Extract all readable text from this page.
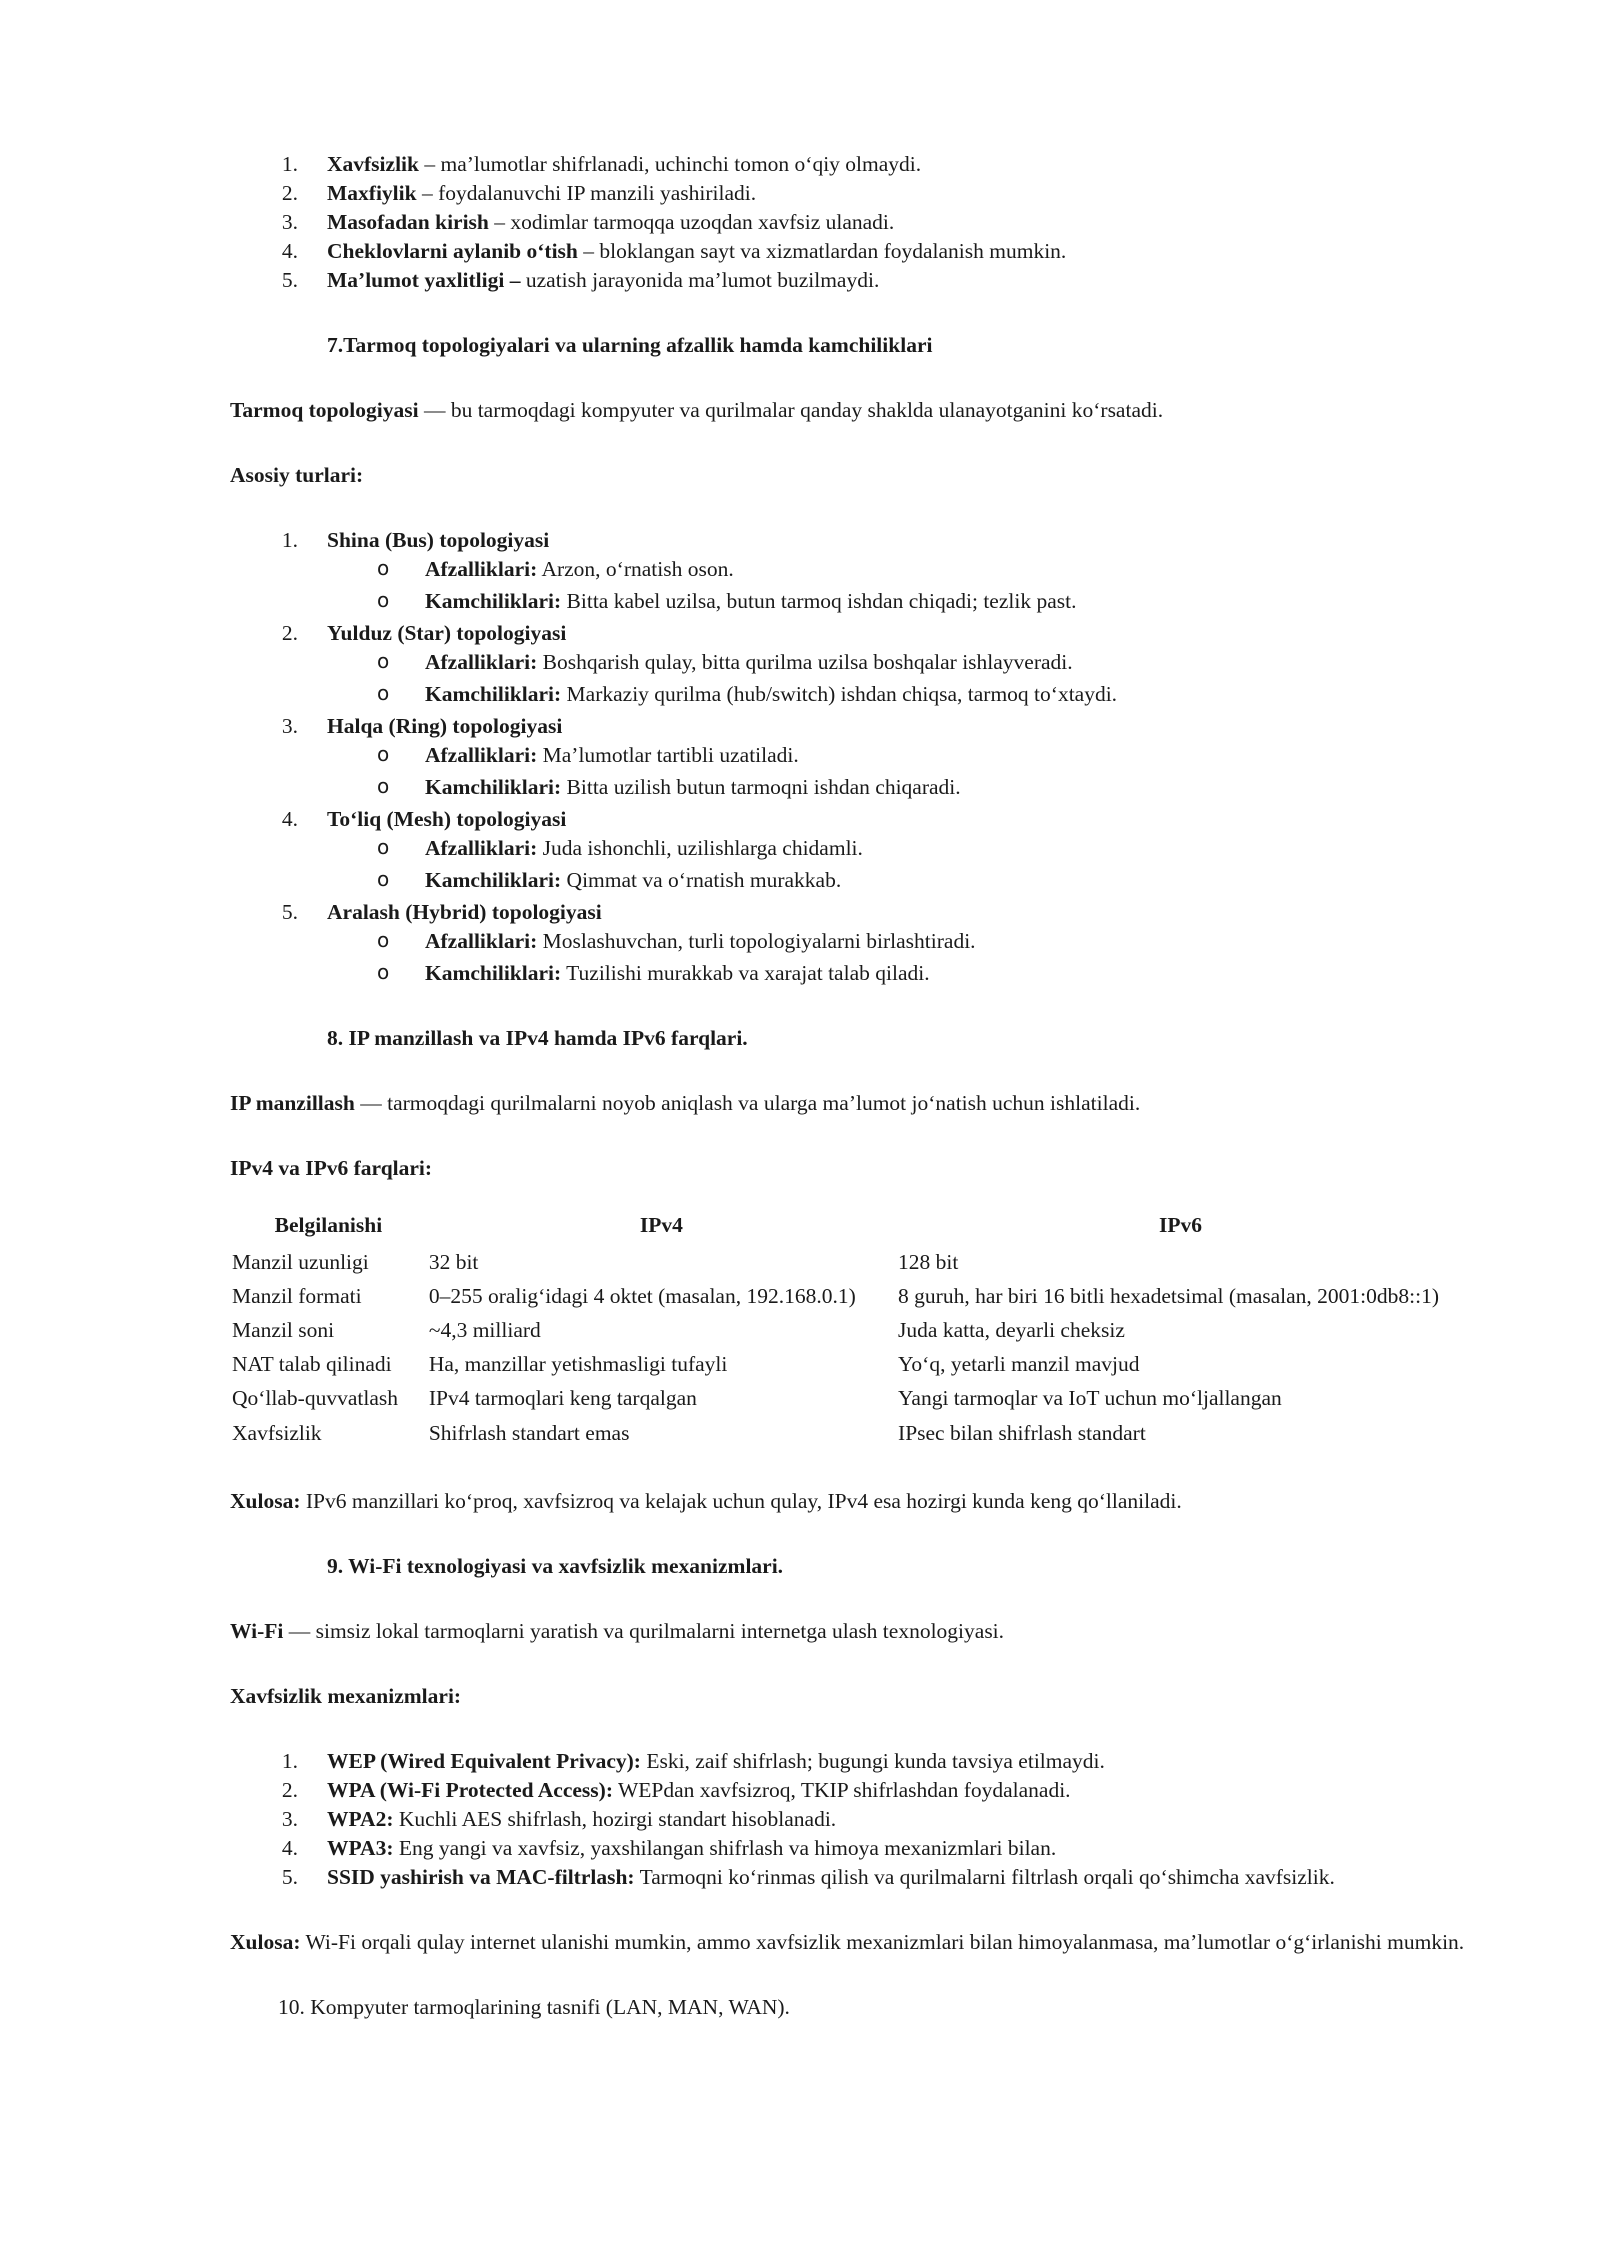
1. Xavfsizlik – ma’lumotlar shifrlanadi, uchinchi tomon o‘qiy olmaydi.
2. Maxfiylik – foydalanuvchi IP manzili yashiriladi.
3. Masofadan kirish – xodimlar tarmoqqa uzoqdan xavfsiz ulanadi.
4. Cheklovlarni aylanib o‘tish – bloklangan sayt va xizmatlardan foydalanish mumkin.
5. Ma’lumot yaxlitligi – uzatish jarayonida ma’lumot buzilmaydi.
7.Tarmoq topologiyalari va ularning afzallik hamda kamchiliklari

Tarmoq topologiyasi — bu tarmoqdagi kompyuter va qurilmalar qanday shaklda ulanayotganini ko‘rsatadi.

Asosiy turlari:

1. Shina (Bus) topologiyasi
o Afzalliklari: Arzon, o‘rnatish oson.
o Kamchiliklari: Bitta kabel uzilsa, butun tarmoq ishdan chiqadi; tezlik past.
2. Yulduz (Star) topologiyasi
o Afzalliklari: Boshqarish qulay, bitta qurilma uzilsa boshqalar ishlayveradi.
o Kamchiliklari: Markaziy qurilma (hub/switch) ishdan chiqsa, tarmoq to‘xtaydi.
3. Halqa (Ring) topologiyasi
o Afzalliklari: Ma’lumotlar tartibli uzatiladi.
o Kamchiliklari: Bitta uzilish butun tarmoqni ishdan chiqaradi.
4. To‘liq (Mesh) topologiyasi
o Afzalliklari: Juda ishonchli, uzilishlarga chidamli.
o Kamchiliklari: Qimmat va o‘rnatish murakkab.
5. Aralash (Hybrid) topologiyasi
o Afzalliklari: Moslashuvchan, turli topologiyalarni birlashtiradi.
o Kamchiliklari: Tuzilishi murakkab va xarajat talab qiladi.
8. IP manzillash va IPv4 hamda IPv6 farqlari.

IP manzillash — tarmoqdagi qurilmalarni noyob aniqlash va ularga ma’lumot jo‘natish uchun ishlatiladi.

IPv4 va IPv6 farqlari:

Belgilanishi	IPv4	IPv6
Manzil uzunligi	32 bit	128 bit
Manzil formati	0–255 oralig‘idagi 4 oktet (masalan, 192.168.0.1)	8 guruh, har biri 16 bitli hexadetsimal (masalan, 2001:0db8::1)
Manzil soni	~4,3 milliard	Juda katta, deyarli cheksiz
NAT talab qilinadi	Ha, manzillar yetishmasligi tufayli	Yo‘q, yetarli manzil mavjud
Qo‘llab-quvvatlash	IPv4 tarmoqlari keng tarqalgan	Yangi tarmoqlar va IoT uchun mo‘ljallangan
Xavfsizlik	Shifrlash standart emas	IPsec bilan shifrlash standart

Xulosa: IPv6 manzillari ko‘proq, xavfsizroq va kelajak uchun qulay, IPv4 esa hozirgi kunda keng qo‘llaniladi.

9. Wi-Fi texnologiyasi va xavfsizlik mexanizmlari.

Wi-Fi — simsiz lokal tarmoqlarni yaratish va qurilmalarni internetga ulash texnologiyasi.

Xavfsizlik mexanizmlari:

1. WEP (Wired Equivalent Privacy): Eski, zaif shifrlash; bugungi kunda tavsiya etilmaydi.
2. WPA (Wi-Fi Protected Access): WEPdan xavfsizroq, TKIP shifrlashdan foydalanadi.
3. WPA2: Kuchli AES shifrlash, hozirgi standart hisoblanadi.
4. WPA3: Eng yangi va xavfsiz, yaxshilangan shifrlash va himoya mexanizmlari bilan.
5. SSID yashirish va MAC-filtrlash: Tarmoqni ko‘rinmas qilish va qurilmalarni filtrlash orqali qo‘shimcha xavfsizlik.

Xulosa: Wi-Fi orqali qulay internet ulanishi mumkin, ammo xavfsizlik mexanizmlari bilan himoyalanmasa, ma’lumotlar o‘g‘irlanishi mumkin.

10. Kompyuter tarmoqlarining tasnifi (LAN, MAN, WAN).
